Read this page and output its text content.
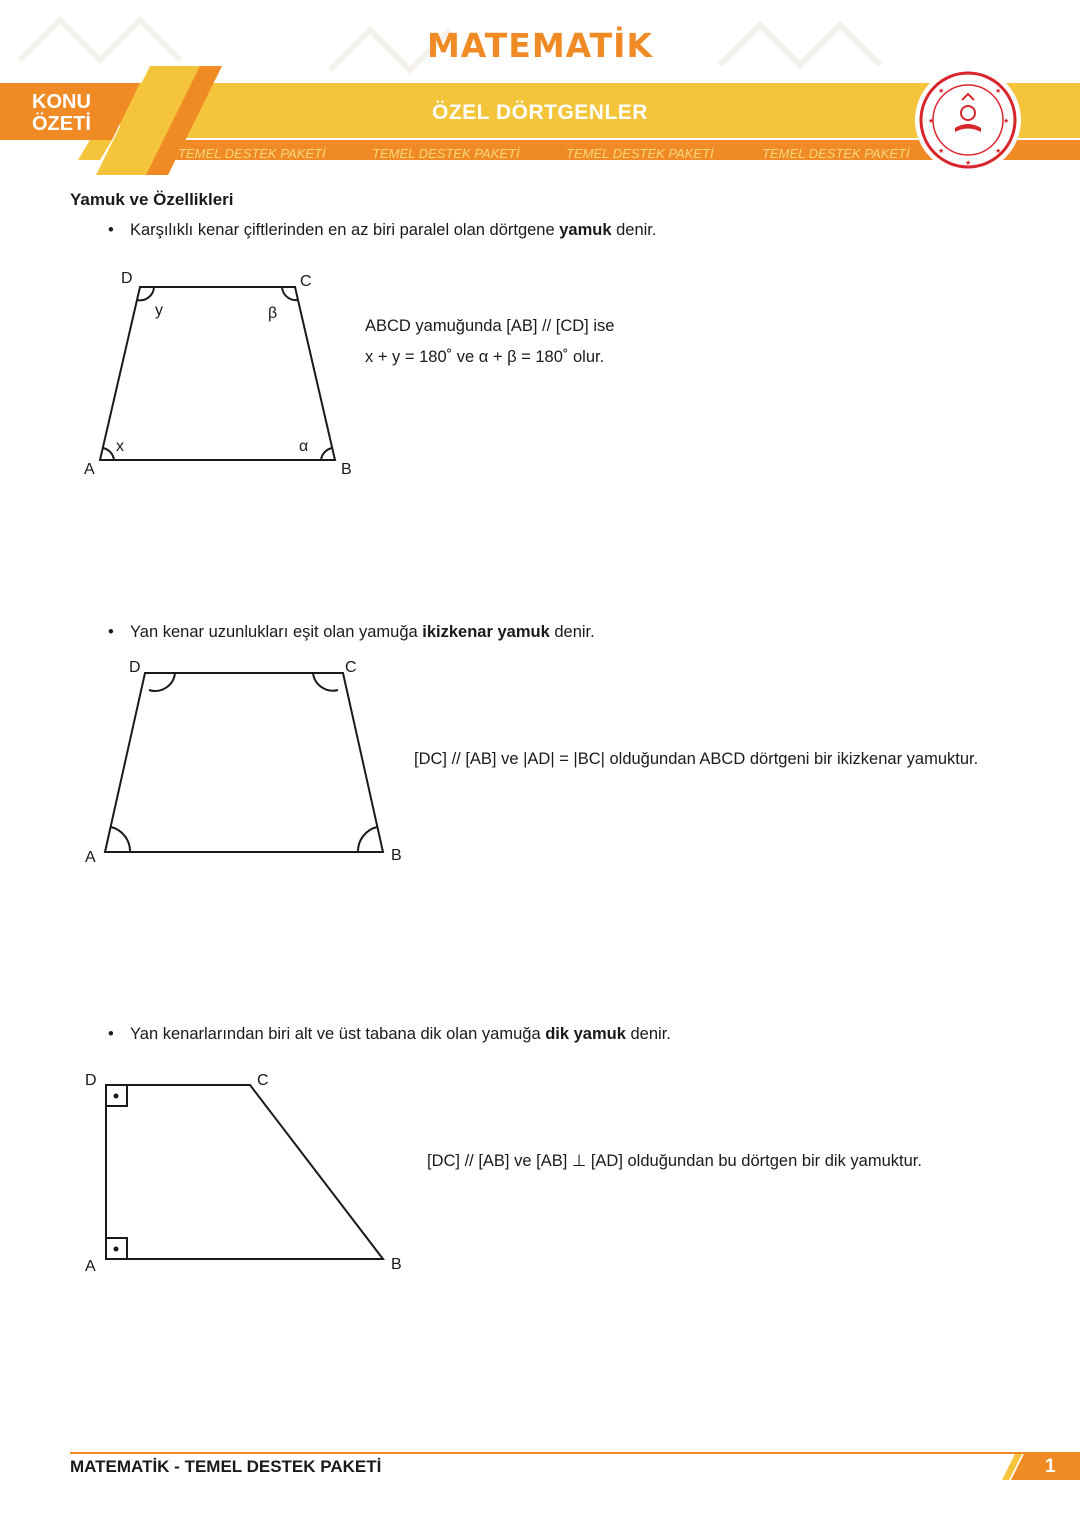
★	★
★	★
★	★
★
MATEMATİK
KONU
ÖZETİ	ÖZEL DÖRTGENLER
TEMEL DESTEK PAKETİ	TEMEL DESTEK PAKETİ	TEMEL DESTEK PAKETİ	TEMEL DESTEK PAKETİ
Yamuk ve Özellikleri
• Karşılıklı kenar çiftlerinden en az biri paralel olan dörtgene yamuk denir.
A	B
C
D
x
y
α
β
A	B
C
D
A	B
C
D
ABCD yamuğunda [AB] // [CD] ise
x + y = 180˚ ve α + β = 180˚ olur.
• Yan kenar uzunlukları eşit olan yamuğa ikizkenar yamuk denir.
[DC] // [AB] ve |AD| = |BC| olduğundan ABCD dörtgeni bir ikizkenar yamuktur.
• Yan kenarlarından biri alt ve üst tabana dik olan yamuğa dik yamuk denir.
[DC] // [AB] ve [AB] ⊥ [AD] olduğundan bu dörtgen bir dik yamuktur.
MATEMATİK - TEMEL DESTEK PAKETİ	1
